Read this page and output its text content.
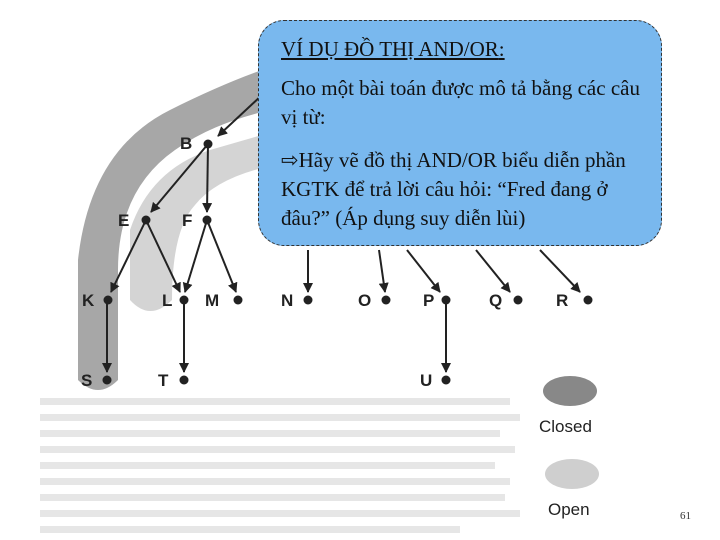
B
E	F
K	L M	N	O	P	Q	R
S	T	U
Closed
Open
VÍ DỤ ĐỒ THỊ AND/OR:

Cho một bài toán được mô tả bằng các câu vị từ:

⇨Hãy vẽ đồ thị AND/OR biểu diễn phần KGTK để trả lời câu hỏi: “Fred đang ở đâu?” (Áp dụng suy diễn lùi)

61
